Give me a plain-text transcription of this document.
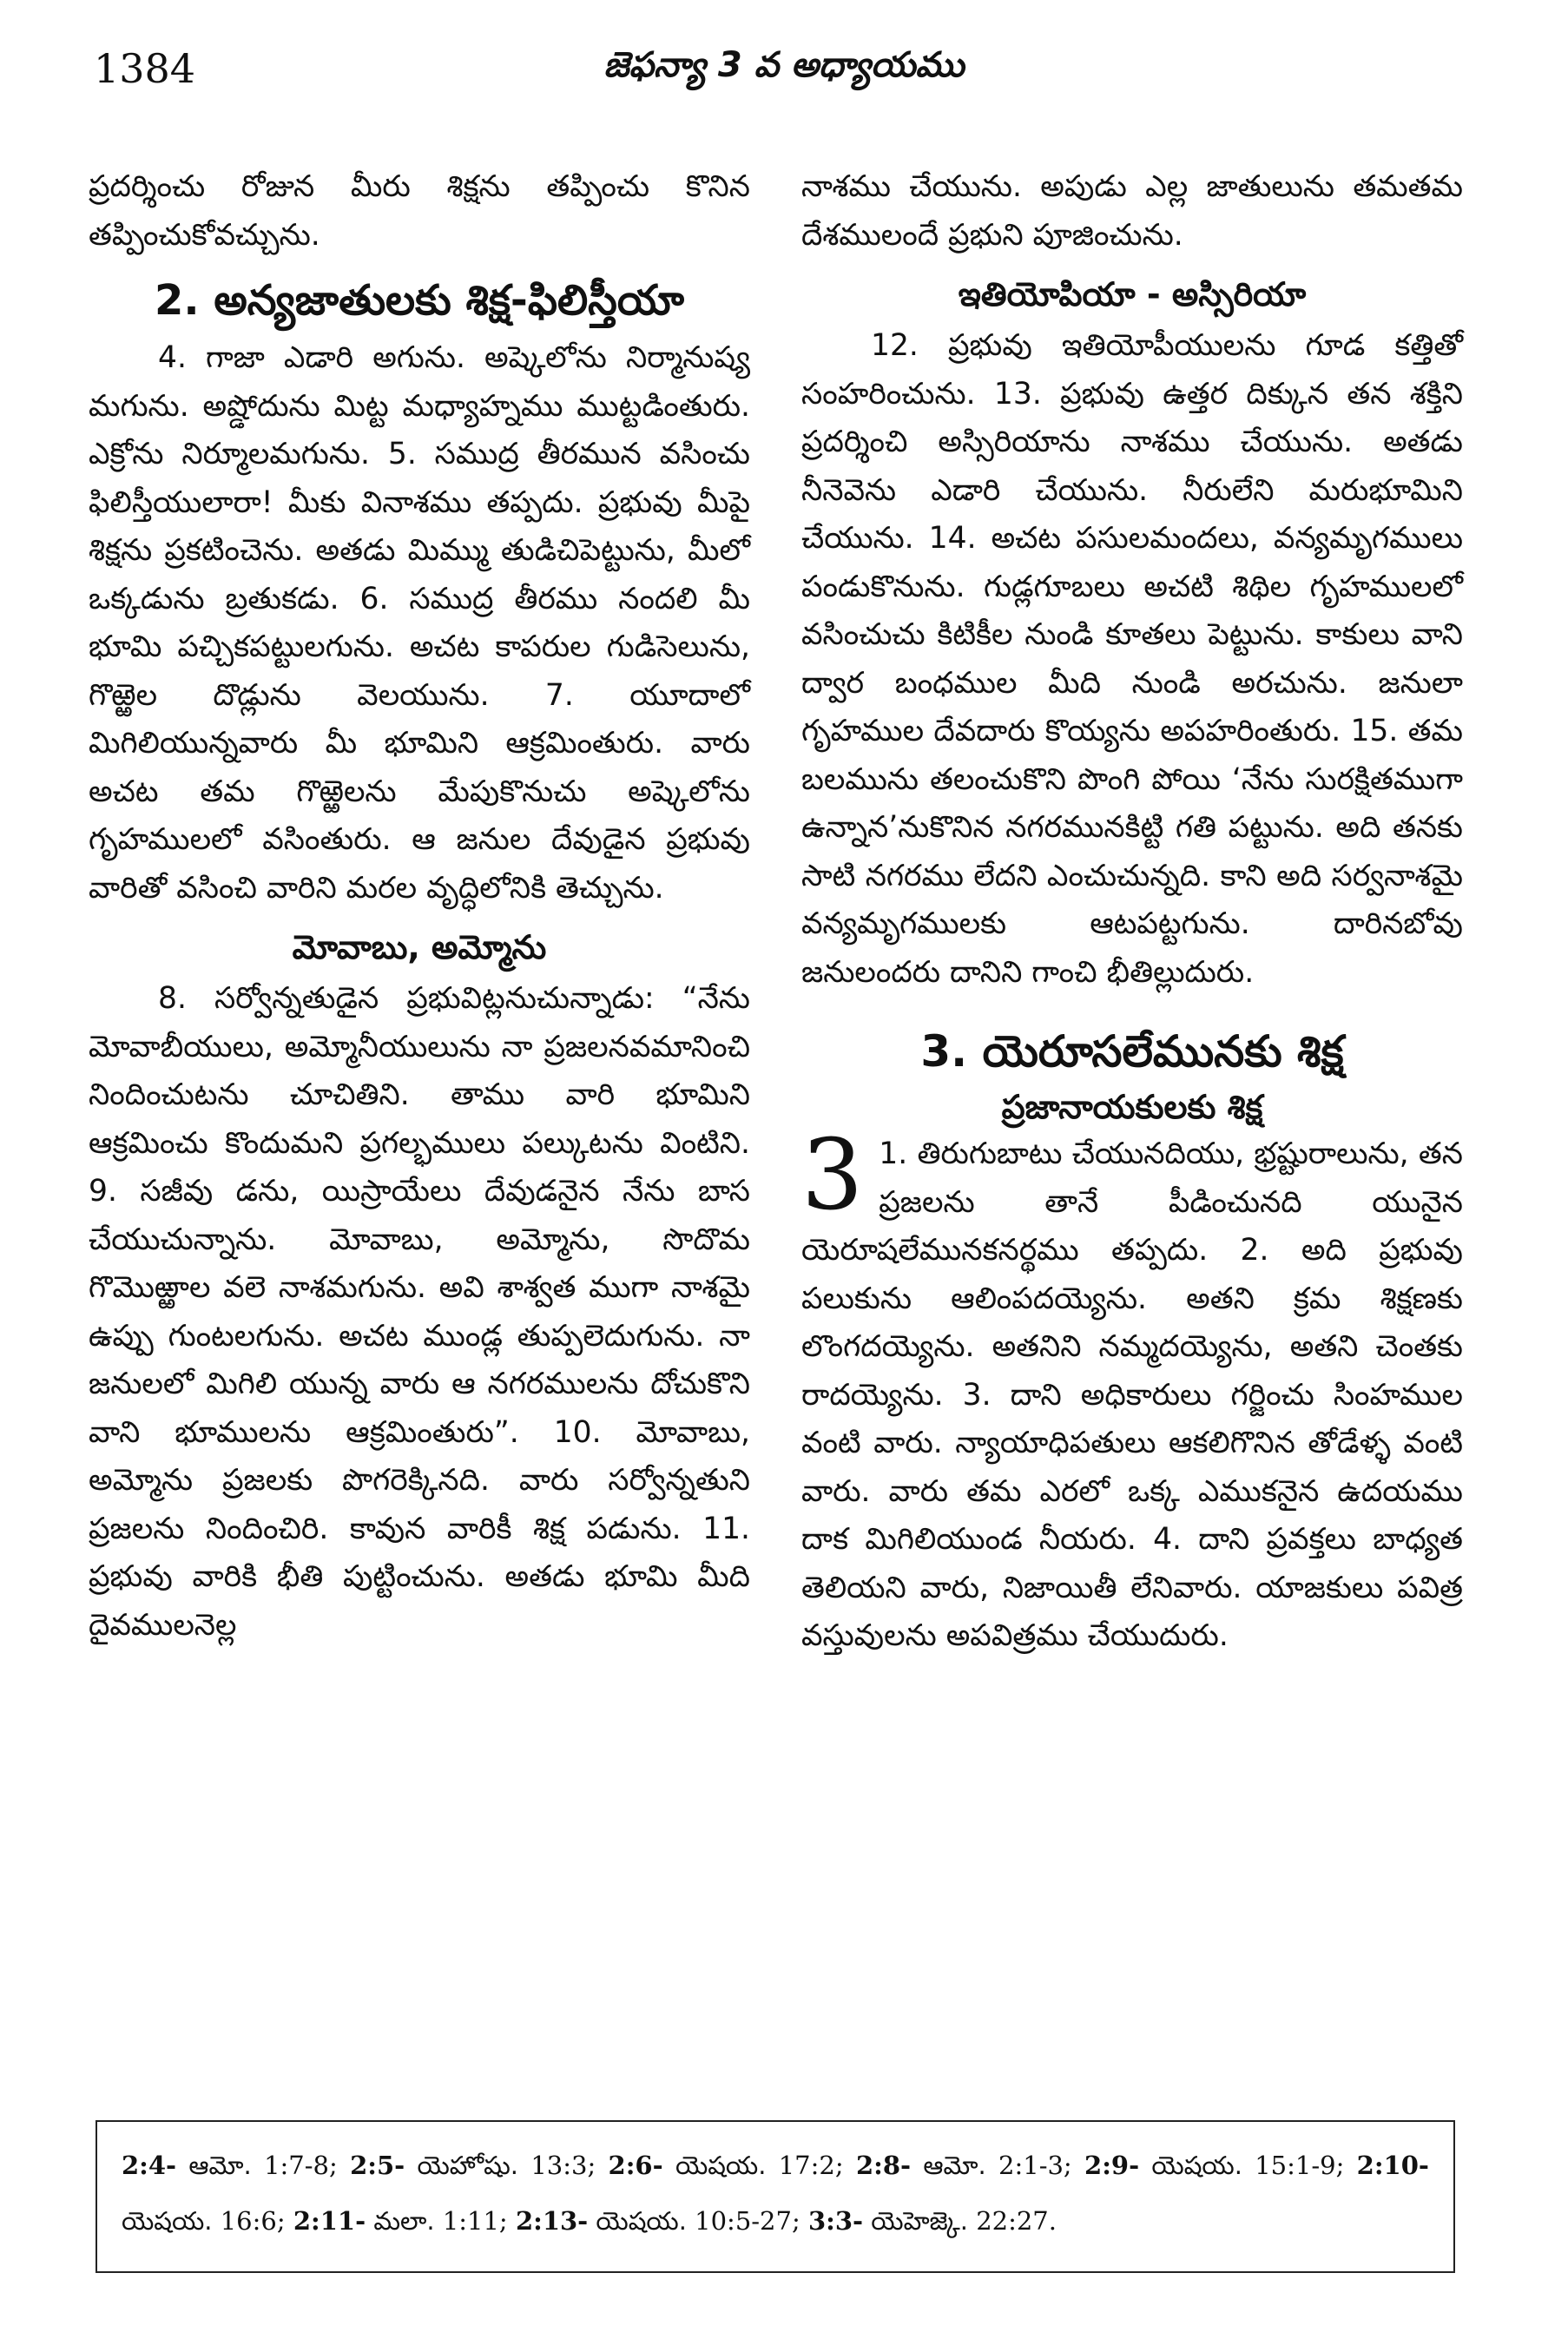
1384	జెఫన్యా 3 వ అధ్యాయము

ప్రదర్శించు రోజున మీరు శిక్షను తప్పించు కొనిన తప్పించుకోవచ్చును.

2. అన్యజాతులకు శిక్ష-ఫిలిస్తీయా

4. గాజా ఎడారి అగును. అష్కెలోను నిర్మానుష్య మగును. అష్డోదును మిట్ట మధ్యాహ్నము ముట్టడింతురు. ఎక్రోను నిర్మూలమగును. 5. సముద్ర తీరమున వసించు ఫిలిస్తీయులారా! మీకు వినాశము తప్పదు. ప్రభువు మీపై శిక్షను ప్రకటించెను. అతడు మిమ్ము తుడిచిపెట్టును, మీలో ఒక్కడును బ్రతుకడు. 6. సముద్ర తీరము నందలి మీ భూమి పచ్చికపట్టులగును. అచట కాపరుల గుడిసెలును, గొఱ్ఱెల దొడ్లును వెలయును. 7. యూదాలో మిగిలియున్నవారు మీ భూమిని ఆక్రమింతురు. వారు అచట తమ గొఱ్ఱెలను మేపుకొనుచు అష్కెలోను గృహములలో వసింతురు. ఆ జనుల దేవుడైన ప్రభువు వారితో వసించి వారిని మరల వృద్ధిలోనికి తెచ్చును.

మోవాబు, అమ్మోను

8. సర్వోన్నతుడైన ప్రభువిట్లనుచున్నాడు: “నేను మోవాబీయులు, అమ్మోనీయులును నా ప్రజలనవమానించి నిందించుటను చూచితిని. తాము వారి భూమిని ఆక్రమించు కొందుమని ప్రగల్భములు పల్కుటను వింటిని. 9. సజీవు డను, యిస్రాయేలు దేవుడనైన నేను బాస చేయుచున్నాను. మోవాబు, అమ్మోను, సొదొమ గొమొఱ్ఱాల వలె నాశమగును. అవి శాశ్వత ముగా నాశమై ఉప్పు గుంటలగును. అచట ముండ్ల తుప్పలెదుగును. నా జనులలో మిగిలి యున్న వారు ఆ నగరములను దోచుకొని వాని భూములను ఆక్రమింతురు”. 10. మోవాబు, అమ్మోను ప్రజలకు పొగరెక్కినది. వారు సర్వోన్నతుని ప్రజలను నిందించిరి. కావున వారికీ శిక్ష పడును. 11. ప్రభువు వారికి భీతి పుట్టించును. అతడు భూమి మీది దైవములనెల్ల

నాశము చేయును. అపుడు ఎల్ల జాతులును తమతమ దేశములందే ప్రభుని పూజించును.

ఇతియోపియా - అస్సిరియా

12. ప్రభువు ఇతియోపీయులను గూడ కత్తితో సంహరించును. 13. ప్రభువు ఉత్తర దిక్కున తన శక్తిని ప్రదర్శించి అస్సిరియాను నాశము చేయును. అతడు నీనెవెను ఎడారి చేయును. నీరులేని మరుభూమిని చేయును. 14. అచట పసులమందలు, వన్యమృగములు పండుకొనును. గుడ్లగూబలు అచటి శిథిల గృహములలో వసించుచు కిటికీల నుండి కూతలు పెట్టును. కాకులు వాని ద్వార బంధముల మీది నుండి అరచును. జనులా గృహముల దేవదారు కొయ్యను అపహరింతురు. 15. తమ బలమును తలంచుకొని పొంగి పోయి ‘నేను సురక్షితముగా ఉన్నాన’నుకొనిన నగరమునకిట్టి గతి పట్టును. అది తనకు సాటి నగరము లేదని ఎంచుచున్నది. కాని అది సర్వనాశమై వన్యమృగములకు ఆటపట్టగును. దారినబోవు జనులందరు దానిని గాంచి భీతిల్లుదురు.

3. యెరూసలేమునకు శిక్ష
ప్రజానాయకులకు శిక్ష

3 1. తిరుగుబాటు చేయునదియు, భ్రష్టురాలును, తన ప్రజలను తానే పీడించునది యునైన యెరూషలేమునకనర్థము తప్పదు. 2. అది ప్రభువు పలుకును ఆలింపదయ్యెను. అతని క్రమ శిక్షణకు లొంగదయ్యెను. అతనిని నమ్మదయ్యెను, అతని చెంతకు రాదయ్యెను. 3. దాని అధికారులు గర్జించు సింహముల వంటి వారు. న్యాయాధిపతులు ఆకలిగొనిన తోడేళ్ళ వంటి వారు. వారు తమ ఎరలో ఒక్క ఎముకనైన ఉదయము దాక మిగిలియుండ నీయరు. 4. దాని ప్రవక్తలు బాధ్యత తెలియని వారు, నిజాయితీ లేనివారు. యాజకులు పవిత్ర వస్తువులను అపవిత్రము చేయుదురు.

2:4- ఆమో. 1:7-8; 2:5- యెహోషు. 13:3; 2:6- యెషయ. 17:2; 2:8- ఆమో. 2:1-3; 2:9- యెషయ. 15:1-9; 2:10- యెషయ. 16:6; 2:11- మలా. 1:11; 2:13- యెషయ. 10:5-27; 3:3- యెహెజ్కె. 22:27.
